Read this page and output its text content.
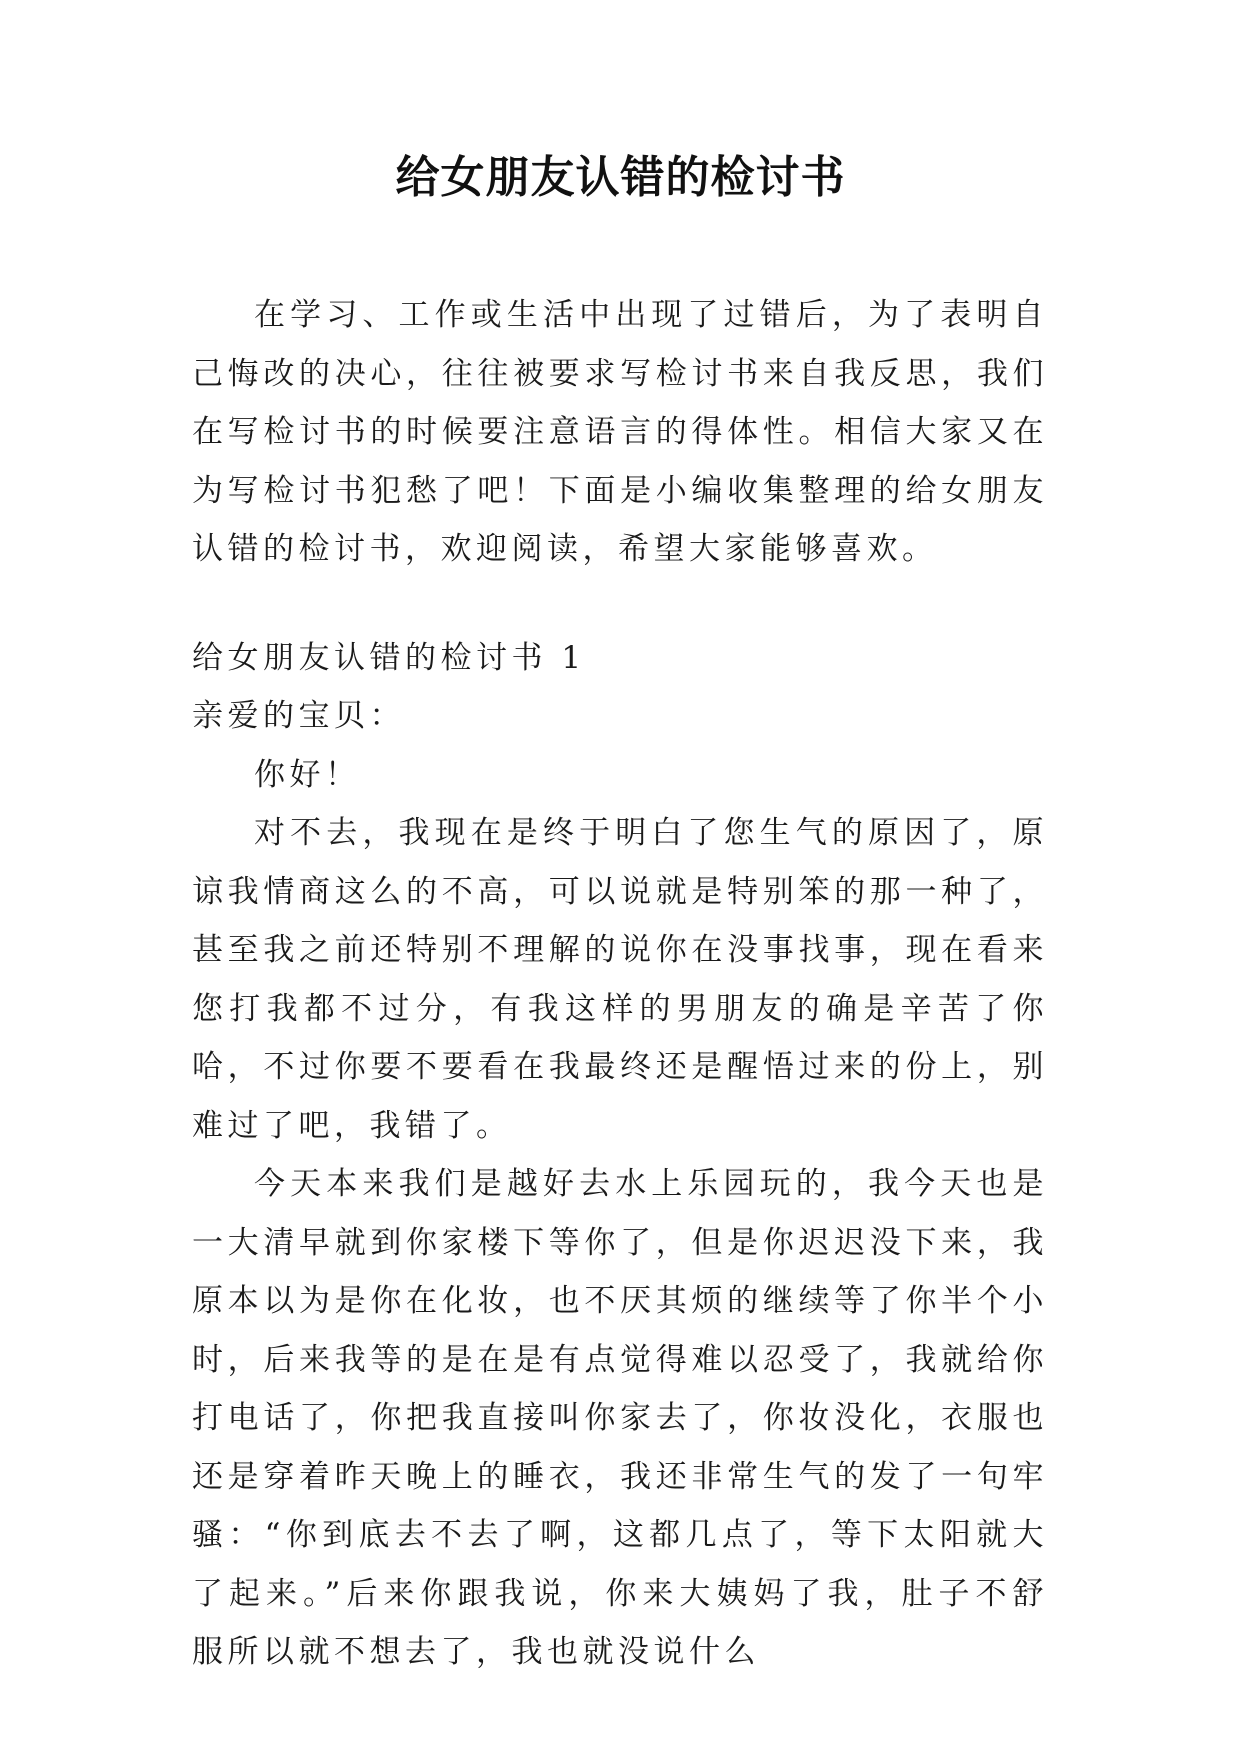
给女朋友认错的检讨书

在学习、工作或生活中出现了过错后，为了表明自己悔改的决心，往往被要求写检讨书来自我反思，我们在写检讨书的时候要注意语言的得体性。相信大家又在为写检讨书犯愁了吧！下面是小编收集整理的给女朋友认错的检讨书，欢迎阅读，希望大家能够喜欢。

给女朋友认错的检讨书 1

亲爱的宝贝：

你好！

对不去，我现在是终于明白了您生气的原因了，原谅我情商这么的不高，可以说就是特别笨的那一种了，甚至我之前还特别不理解的说你在没事找事，现在看来您打我都不过分，有我这样的男朋友的确是辛苦了你哈，不过你要不要看在我最终还是醒悟过来的份上，别难过了吧，我错了。

今天本来我们是越好去水上乐园玩的，我今天也是一大清早就到你家楼下等你了，但是你迟迟没下来，我原本以为是你在化妆，也不厌其烦的继续等了你半个小时，后来我等的是在是有点觉得难以忍受了，我就给你打电话了，你把我直接叫你家去了，你妆没化，衣服也还是穿着昨天晚上的睡衣，我还非常生气的发了一句牢骚：“你到底去不去了啊，这都几点了，等下太阳就大了起来。”后来你跟我说，你来大姨妈了我，肚子不舒服所以就不想去了，我也就没说什么
